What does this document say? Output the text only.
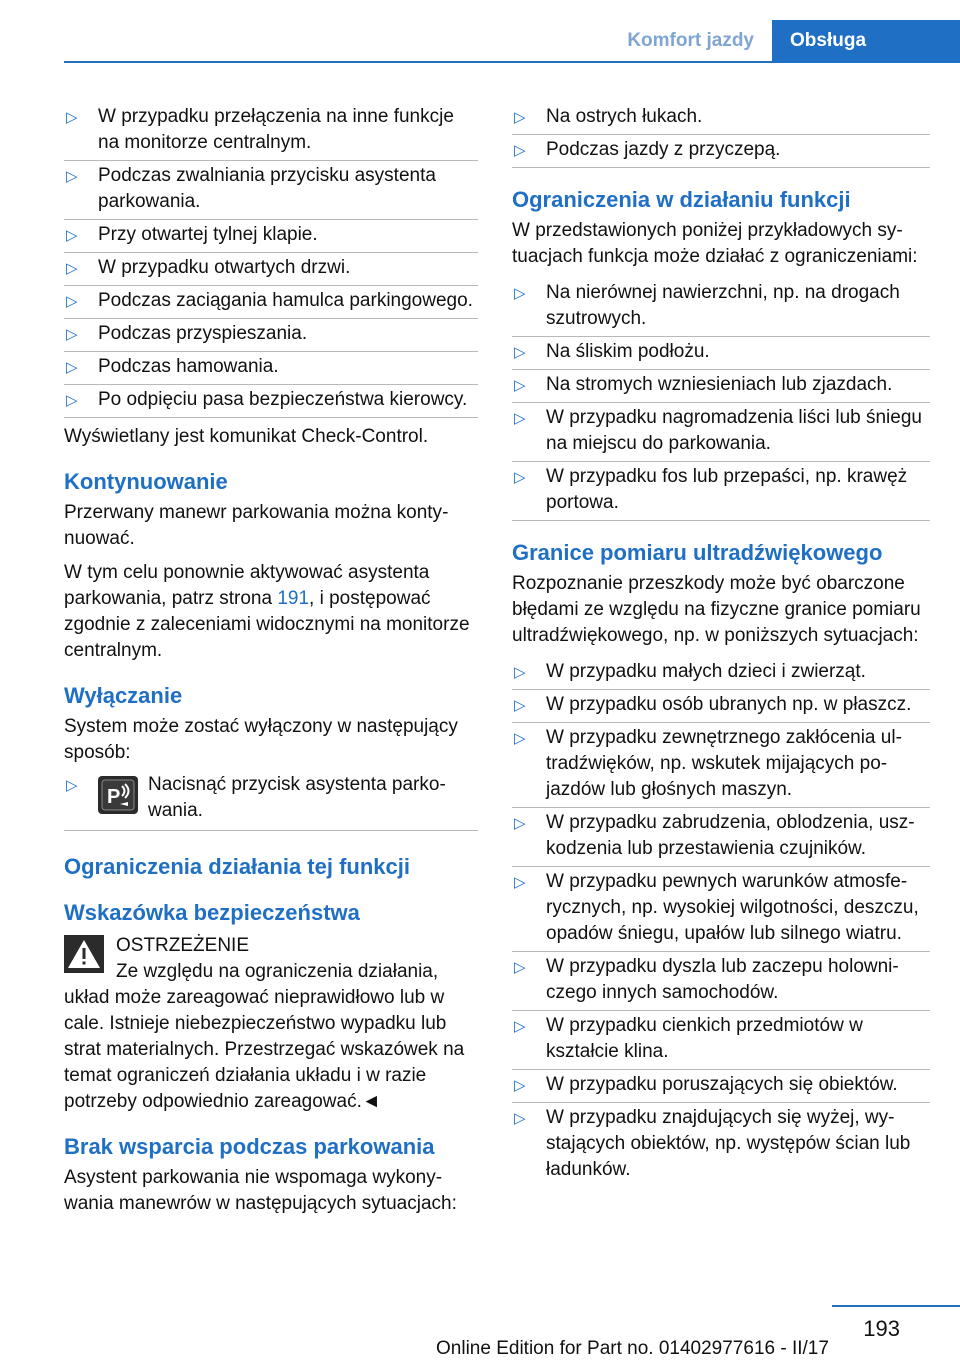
Komfort jazdy	Obsługa
▷ W przypadku przełączenia na inne funkcje na monitorze centralnym.
▷ Podczas zwalniania przycisku asystenta parkowania.
▷ Przy otwartej tylnej klapie.
▷ W przypadku otwartych drzwi.
▷ Podczas zaciągania hamulca parkingowego.
▷ Podczas przyspieszania.
▷ Podczas hamowania.
▷ Po odpięciu pasa bezpieczeństwa kierowcy.

Wyświetlany jest komunikat Check-Control.

Kontynuowanie

Przerwany manewr parkowania można kontynuować.

W tym celu ponownie aktywować asystenta parkowania, patrz strona 191, i postępować zgodnie z zaleceniami widocznymi na monitorze centralnym.

Wyłączanie

System może zostać wyłączony w następujący sposób:

▷
P
Nacisnąć przycisk asystenta parkowania.
Ograniczenia działania tej funkcji
Wskazówka bezpieczeństwa

OSTRZEŻENIE

Ze względu na ograniczenia działania,

układ może zareagować nieprawidłowo lub w cale. Istnieje niebezpieczeństwo wypadku lub strat materialnych. Przestrzegać wskazówek na temat ograniczeń działania układu i w razie potrzeby odpowiednio zareagować.◄

Brak wsparcia podczas parkowania

Asystent parkowania nie wspomaga wykonywania manewrów w następujących sytuacjach:

▷ Na ostrych łukach.
▷ Podczas jazdy z przyczepą.
Ograniczenia w działaniu funkcji

W przedstawionych poniżej przykładowych sytuacjach funkcja może działać z ograniczeniami:

▷ Na nierównej nawierzchni, np. na drogach szutrowych.
▷ Na śliskim podłożu.
▷ Na stromych wzniesieniach lub zjazdach.
▷ W przypadku nagromadzenia liści lub śniegu na miejscu do parkowania.
▷ W przypadku fos lub przepaści, np. krawęż portowa.
Granice pomiaru ultradźwiękowego

Rozpoznanie przeszkody może być obarczone błędami ze względu na fizyczne granice pomiaru ultradźwiękowego, np. w poniższych sytuacjach:

▷ W przypadku małych dzieci i zwierząt.
▷ W przypadku osób ubranych np. w płaszcz.
▷ W przypadku zewnętrznego zakłócenia ultradźwięków, np. wskutek mijających pojazdów lub głośnych maszyn.
▷ W przypadku zabrudzenia, oblodzenia, uszkodzenia lub przestawienia czujników.
▷ W przypadku pewnych warunków atmosferycznych, np. wysokiej wilgotności, deszczu, opadów śniegu, upałów lub silnego wiatru.
▷ W przypadku dyszla lub zaczepu holowniczego innych samochodów.
▷ W przypadku cienkich przedmiotów w kształcie klina.
▷ W przypadku poruszających się obiektów.
▷ W przypadku znajdujących się wyżej, wystających obiektów, np. występów ścian lub ładunków.
193
Online Edition for Part no. 01402977616 - II/17
